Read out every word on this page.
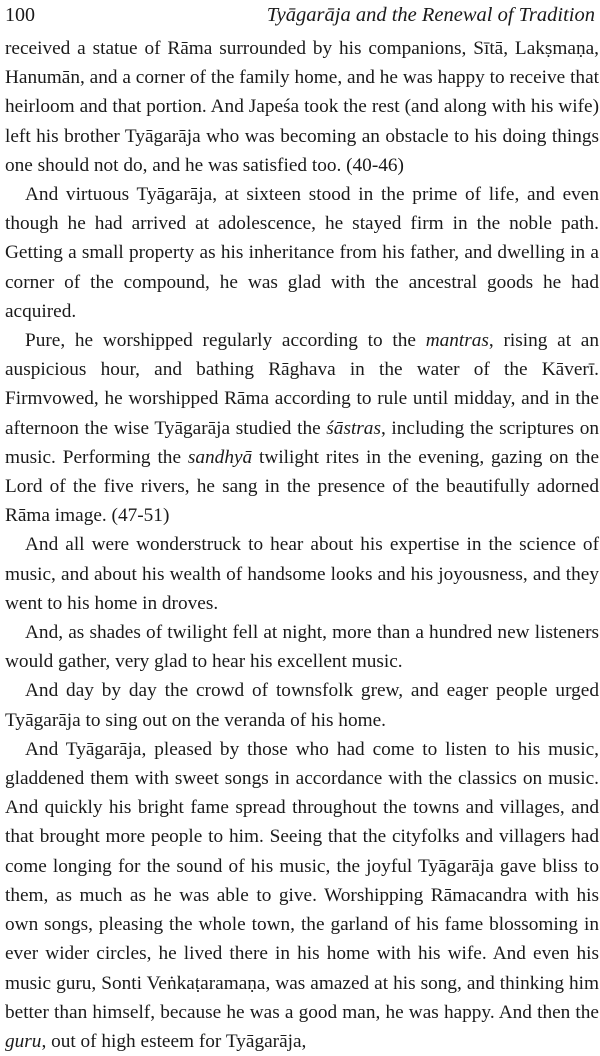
100	Tyāgarāja and the Renewal of Tradition

received a statue of Rāma surrounded by his companions, Sītā, Lakṣmaṇa, Hanumān, and a corner of the family home, and he was happy to receive that heirloom and that portion. And Japeśa took the rest (and along with his wife) left his brother Tyāgarāja who was becoming an obstacle to his doing things one should not do, and he was satisfied too. (40-46)

And virtuous Tyāgarāja, at sixteen stood in the prime of life, and even though he had arrived at adolescence, he stayed firm in the noble path. Getting a small property as his inheritance from his father, and dwelling in a corner of the compound, he was glad with the ancestral goods he had acquired.

Pure, he worshipped regularly according to the mantras, rising at an auspicious hour, and bathing Rāghava in the water of the Kāverī. Firmvowed, he worshipped Rāma according to rule until midday, and in the afternoon the wise Tyāgarāja studied the śāstras, including the scriptures on music. Performing the sandhyā twilight rites in the evening, gazing on the Lord of the five rivers, he sang in the presence of the beautifully adorned Rāma image. (47-51)

And all were wonderstruck to hear about his expertise in the science of music, and about his wealth of handsome looks and his joyousness, and they went to his home in droves.

And, as shades of twilight fell at night, more than a hundred new listeners would gather, very glad to hear his excellent music.

And day by day the crowd of townsfolk grew, and eager people urged Tyāgarāja to sing out on the veranda of his home.

And Tyāgarāja, pleased by those who had come to listen to his music, gladdened them with sweet songs in accordance with the classics on music. And quickly his bright fame spread throughout the towns and villages, and that brought more people to him. Seeing that the cityfolks and villagers had come longing for the sound of his music, the joyful Tyāgarāja gave bliss to them, as much as he was able to give. Worshipping Rāmacandra with his own songs, pleasing the whole town, the garland of his fame blossoming in ever wider circles, he lived there in his home with his wife. And even his music guru, Sonti Veṅkaṭaramaṇa, was amazed at his song, and thinking him better than himself, because he was a good man, he was happy. And then the guru, out of high esteem for Tyāgarāja,
